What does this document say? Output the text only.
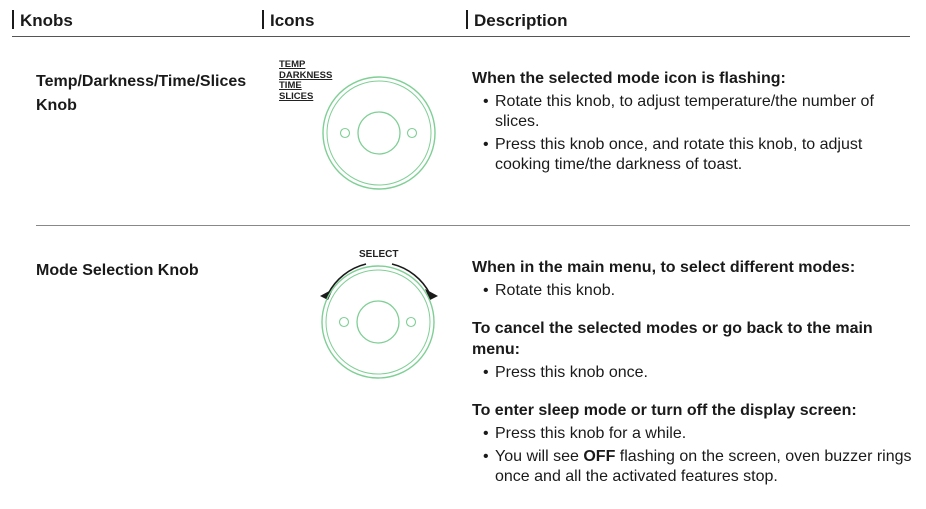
Knobs	Icons	Description
Temp/Darkness/Time/Slices Knob
TEMP
DARKNESS
TIME
SLICES

When the selected mode icon is flashing:

• Rotate this knob, to adjust temperature/the number of slices.
• Press this knob once, and rotate this knob, to adjust cooking time/the darkness of toast.
Mode Selection Knob
SELECT

When in the main menu, to select different modes:

• Rotate this knob.

To cancel the selected modes or go back to the main menu:

• Press this knob once.

To enter sleep mode or turn off the display screen:

• Press this knob for a while.
• You will see OFF flashing on the screen, oven buzzer rings once and all the activated features stop.
